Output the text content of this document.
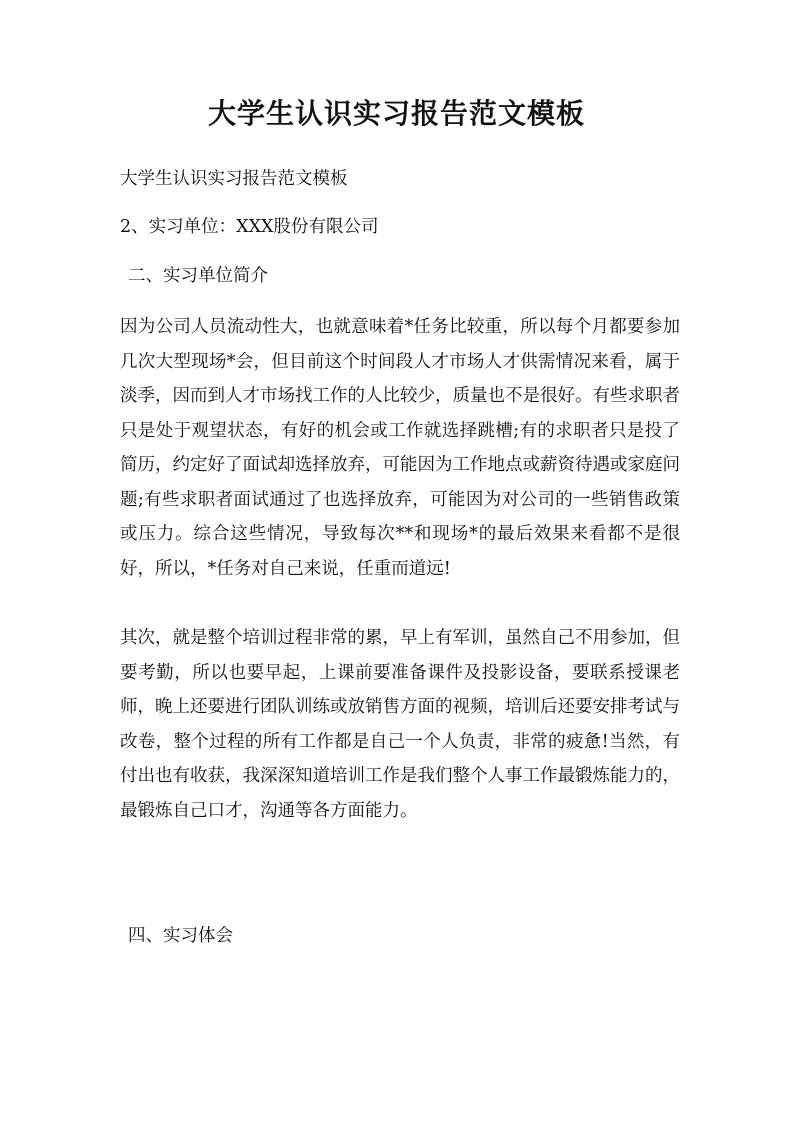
大学生认识实习报告范文模板
大学生认识实习报告范文模板
2、实习单位：XXX股份有限公司
二、实习单位简介
因为公司人员流动性大，也就意味着*任务比较重，所以每个月都要参加几次大型现场*会，但目前这个时间段人才市场人才供需情况来看，属于淡季，因而到人才市场找工作的人比较少，质量也不是很好。有些求职者只是处于观望状态，有好的机会或工作就选择跳槽;有的求职者只是投了简历，约定好了面试却选择放弃，可能因为工作地点或薪资待遇或家庭问题;有些求职者面试通过了也选择放弃，可能因为对公司的一些销售政策或压力。综合这些情况，导致每次**和现场*的最后效果来看都不是很好，所以，*任务对自己来说，任重而道远!
其次，就是整个培训过程非常的累，早上有军训，虽然自己不用参加，但要考勤，所以也要早起，上课前要准备课件及投影设备，要联系授课老师，晚上还要进行团队训练或放销售方面的视频，培训后还要安排考试与改卷，整个过程的所有工作都是自己一个人负责，非常的疲惫!当然，有付出也有收获，我深深知道培训工作是我们整个人事工作最锻炼能力的，最锻炼自己口才，沟通等各方面能力。
四、实习体会
